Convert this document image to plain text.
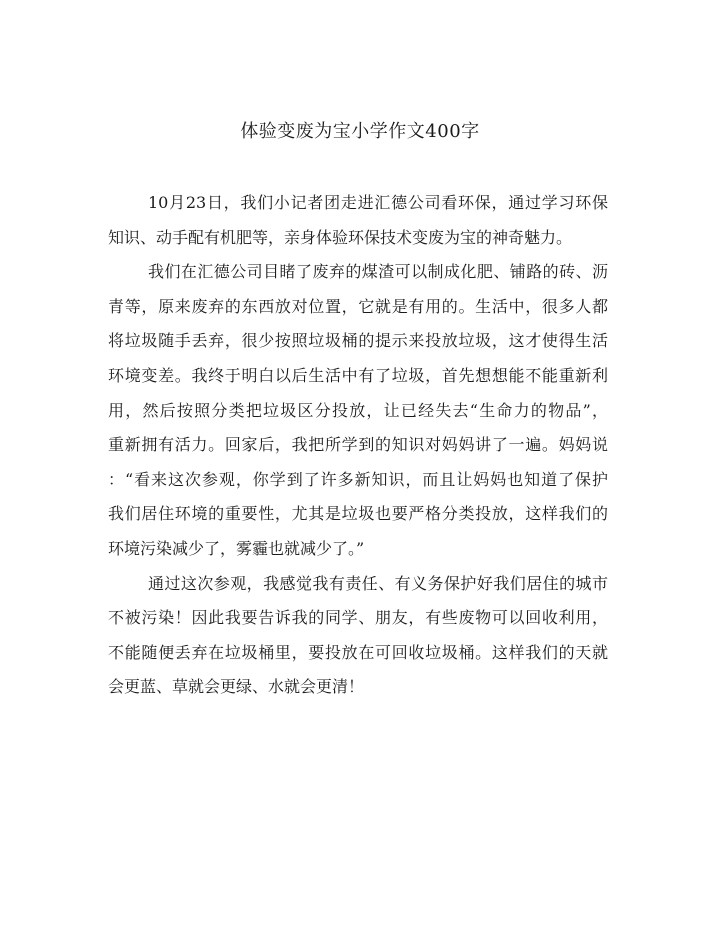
体验变废为宝小学作文400字
10月23日，我们小记者团走进汇德公司看环保，通过学习环保
知识、动手配有机肥等，亲身体验环保技术变废为宝的神奇魅力。
我们在汇德公司目睹了废弃的煤渣可以制成化肥、铺路的砖、沥
青等，原来废弃的东西放对位置，它就是有用的。生活中，很多人都
将垃圾随手丢弃，很少按照垃圾桶的提示来投放垃圾，这才使得生活
环境变差。我终于明白以后生活中有了垃圾，首先想想能不能重新利
用，然后按照分类把垃圾区分投放，让已经失去“生命力的物品”，
重新拥有活力。回家后，我把所学到的知识对妈妈讲了一遍。妈妈说
：“看来这次参观，你学到了许多新知识，而且让妈妈也知道了保护
我们居住环境的重要性，尤其是垃圾也要严格分类投放，这样我们的
环境污染减少了，雾霾也就减少了。”
通过这次参观，我感觉我有责任、有义务保护好我们居住的城市
不被污染！因此我要告诉我的同学、朋友，有些废物可以回收利用，
不能随便丢弃在垃圾桶里，要投放在可回收垃圾桶。这样我们的天就
会更蓝、草就会更绿、水就会更清！
